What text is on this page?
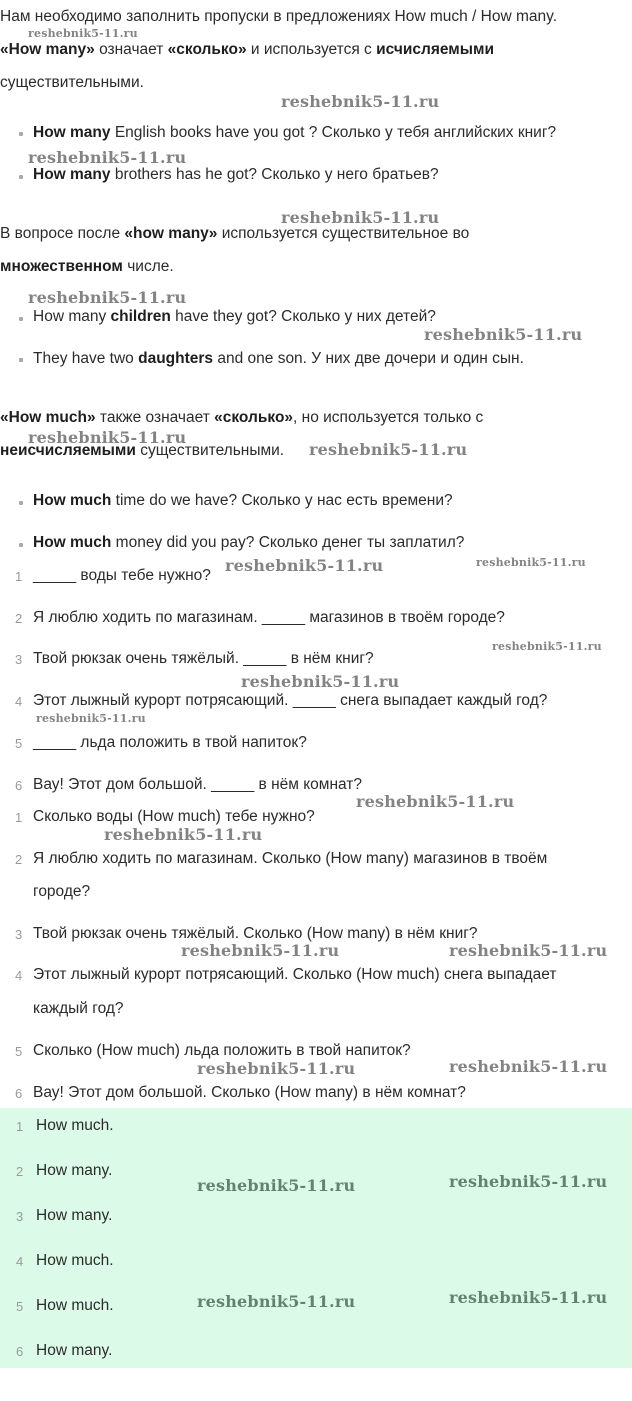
Нам необходимо заполнить пропуски в предложениях How much / How many.
reshebnik5-11.ru
«How many» означает «сколько» и используется с исчисляемыми
существительными.
reshebnik5-11.ru
How many English books have you got ? Сколько у тебя английских книг?
reshebnik5-11.ru
How many brothers has he got? Сколько у него братьев?
reshebnik5-11.ru
В вопросе после «how many» используется существительное во
множественном числе.
reshebnik5-11.ru
How many children have they got? Сколько у них детей?
reshebnik5-11.ru
They have two daughters and one son. У них две дочери и один сын.
«How much» также означает «сколько», но используется только с
reshebnik5-11.ru
неисчисляемыми существительными. reshebnik5-11.ru
How much time do we have? Сколько у нас есть времени?
How much money did you pay? Сколько денег ты заплатил?
1 _____ воды тебе нужно?
reshebnik5-11.ru	reshebnik5-11.ru
2 Я люблю ходить по магазинам. _____ магазинов в твоём городе?
reshebnik5-11.ru
3 Твой рюкзак очень тяжёлый. _____ в нём книг?
reshebnik5-11.ru
4 Этот лыжный курорт потрясающий. _____ снега выпадает каждый год?
reshebnik5-11.ru
5 _____ льда положить в твой напиток?
6 Вау! Этот дом большой. _____ в нём комнат?
reshebnik5-11.ru
1 Сколько воды (How much) тебе нужно?
reshebnik5-11.ru
2 Я люблю ходить по магазинам. Сколько (How many) магазинов в твоём
городе?
3 Твой рюкзак очень тяжёлый. Сколько (How many) в нём книг?
reshebnik5-11.ru	reshebnik5-11.ru
4 Этот лыжный курорт потрясающий. Сколько (How much) снега выпадает
каждый год?
5 Сколько (How much) льда положить в твой напиток?
reshebnik5-11.ru	reshebnik5-11.ru
6 Вау! Этот дом большой. Сколько (How many) в нём комнат?
1 How much.
2 How many.
reshebnik5-11.ru	reshebnik5-11.ru
3 How many.
4 How much.
5 How much.	reshebnik5-11.ru	reshebnik5-11.ru
6 How many.
